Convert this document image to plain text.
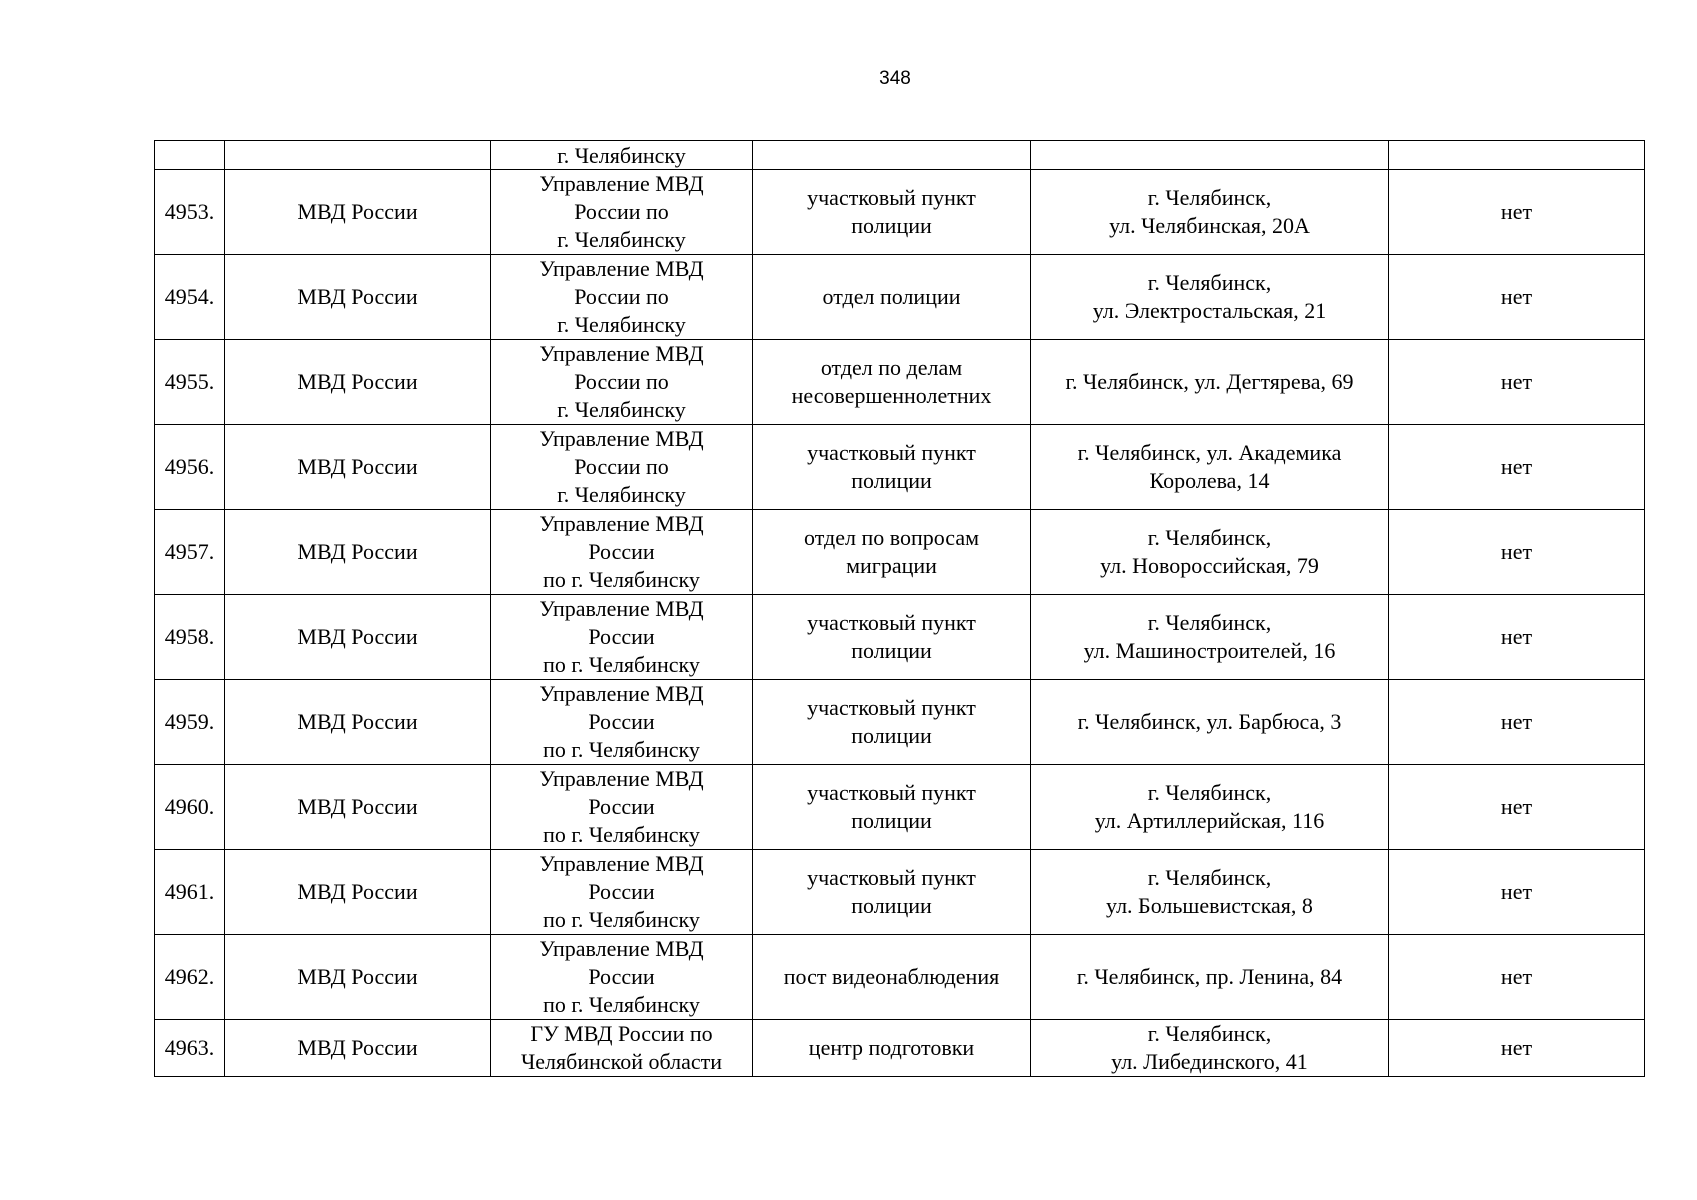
348
		г. Челябинску			
4953.	МВД России	Управление МВД
России по
г. Челябинску	участковый пункт
полиции	г. Челябинск,
ул. Челябинская, 20А	нет
4954.	МВД России	Управление МВД
России по
г. Челябинску	отдел полиции	г. Челябинск,
ул. Электростальская, 21	нет
4955.	МВД России	Управление МВД
России по
г. Челябинску	отдел по делам
несовершеннолетних	г. Челябинск, ул. Дегтярева, 69	нет
4956.	МВД России	Управление МВД
России по
г. Челябинску	участковый пункт
полиции	г. Челябинск, ул. Академика
Королева, 14	нет
4957.	МВД России	Управление МВД
России
по г. Челябинску	отдел по вопросам
миграции	г. Челябинск,
ул. Новороссийская, 79	нет
4958.	МВД России	Управление МВД
России
по г. Челябинску	участковый пункт
полиции	г. Челябинск,
ул. Машиностроителей, 16	нет
4959.	МВД России	Управление МВД
России
по г. Челябинску	участковый пункт
полиции	г. Челябинск, ул. Барбюса, 3	нет
4960.	МВД России	Управление МВД
России
по г. Челябинску	участковый пункт
полиции	г. Челябинск,
ул. Артиллерийская, 116	нет
4961.	МВД России	Управление МВД
России
по г. Челябинску	участковый пункт
полиции	г. Челябинск,
ул. Большевистская, 8	нет
4962.	МВД России	Управление МВД
России
по г. Челябинску	пост видеонаблюдения	г. Челябинск, пр. Ленина, 84	нет
4963.	МВД России	ГУ МВД России по
Челябинской области	центр подготовки	г. Челябинск,
ул. Либединского, 41	нет
